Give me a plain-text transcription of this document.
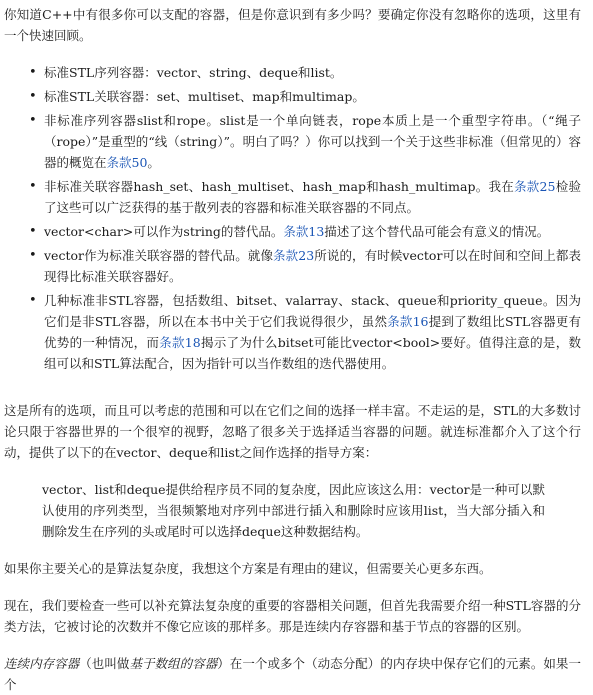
你知道C++中有很多你可以支配的容器，但是你意识到有多少吗？要确定你没有忽略你的选项，这里有一个快速回顾。

• 标准STL序列容器：vector、string、deque和list。
• 标准STL关联容器：set、multiset、map和multimap。
• 非标准序列容器slist和rope。slist是一个单向链表，rope本质上是一个重型字符串。（“绳子（rope）”是重型的“线（string）”。明白了吗？）你可以找到一个关于这些非标准（但常见的）容器的概览在条款50。
• 非标准关联容器hash_set、hash_multiset、hash_map和hash_multimap。我在条款25检验了这些可以广泛获得的基于散列表的容器和标准关联容器的不同点。
• vector<char>可以作为string的替代品。条款13描述了这个替代品可能会有意义的情况。
• vector作为标准关联容器的替代品。就像条款23所说的，有时候vector可以在时间和空间上都表现得比标准关联容器好。
• 几种标准非STL容器，包括数组、bitset、valarray、stack、queue和priority_queue。因为它们是非STL容器，所以在本书中关于它们我说得很少，虽然条款16提到了数组比STL容器更有优势的一种情况，而条款18揭示了为什么bitset可能比vector<bool>要好。值得注意的是，数组可以和STL算法配合，因为指针可以当作数组的迭代器使用。

这是所有的选项，而且可以考虑的范围和可以在它们之间的选择一样丰富。不走运的是，STL的大多数讨论只限于容器世界的一个很窄的视野，忽略了很多关于选择适当容器的问题。就连标准都介入了这个行动，提供了以下的在vector、deque和list之间作选择的指导方案：

vector、list和deque提供给程序员不同的复杂度，因此应该这么用：vector是一种可以默认使用的序列类型，当很频繁地对序列中部进行插入和删除时应该用list，当大部分插入和删除发生在序列的头或尾时可以选择deque这种数据结构。

如果你主要关心的是算法复杂度，我想这个方案是有理由的建议，但需要关心更多东西。

现在，我们要检查一些可以补充算法复杂度的重要的容器相关问题，但首先我需要介绍一种STL容器的分类方法，它被讨论的次数并不像它应该的那样多。那是连续内存容器和基于节点的容器的区别。

连续内存容器（也叫做基于数组的容器）在一个或多个（动态分配）的内存块中保存它们的元素。如果一个
